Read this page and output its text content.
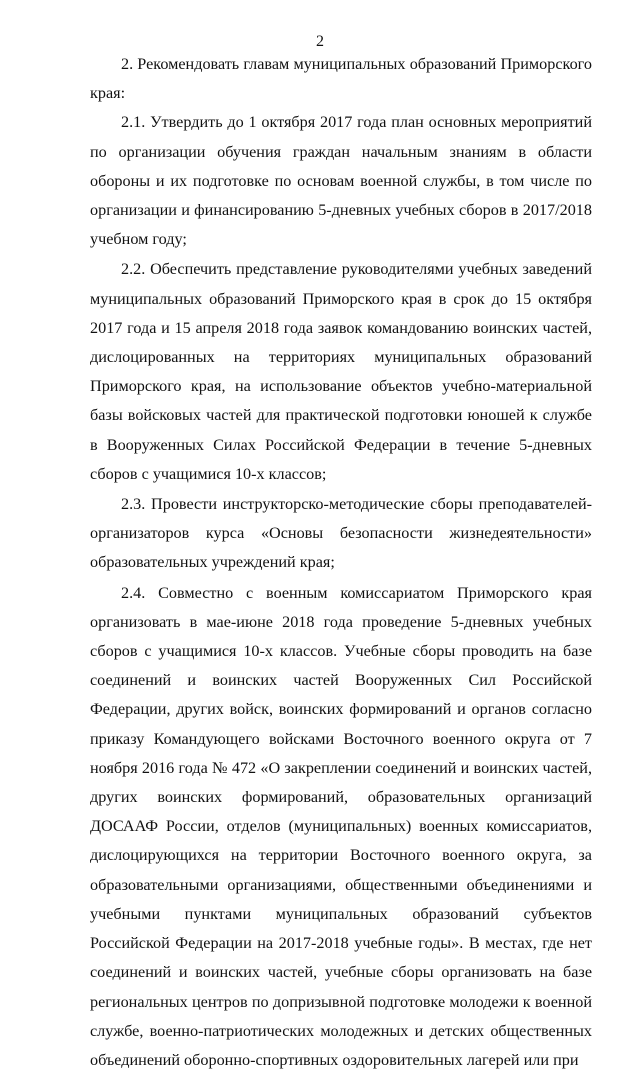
2

2. Рекомендовать главам муниципальных образований Приморского края:

2.1. Утвердить до 1 октября 2017 года план основных мероприятий по организации обучения граждан начальным знаниям в области обороны и их подготовке по основам военной службы, в том числе по организации и финансированию 5-дневных учебных сборов в 2017/2018 учебном году;

2.2. Обеспечить представление руководителями учебных заведений муниципальных образований Приморского края в срок до 15 октября 2017 года и 15 апреля 2018 года заявок командованию воинских частей, дислоцированных на территориях муниципальных образований Приморского края, на использование объектов учебно-материальной базы войсковых частей для практической подготовки юношей к службе в Вооруженных Силах Российской Федерации в течение 5-дневных сборов с учащимися 10-х классов;

2.3. Провести инструкторско-методические сборы преподавателей-организаторов курса «Основы безопасности жизнедеятельности» образовательных учреждений края;

2.4. Совместно с военным комиссариатом Приморского края организовать в мае-июне 2018 года проведение 5-дневных учебных сборов с учащимися 10-х классов. Учебные сборы проводить на базе соединений и воинских частей Вооруженных Сил Российской Федерации, других войск, воинских формирований и органов согласно приказу Командующего войсками Восточного военного округа от 7 ноября 2016 года № 472 «О закреплении соединений и воинских частей, других воинских формирований, образовательных организаций ДОСААФ России, отделов (муниципальных) военных комиссариатов, дислоцирующихся на территории Восточного военного округа, за образовательными организациями, общественными объединениями и учебными пунктами муниципальных образований субъектов Российской Федерации на 2017-2018 учебные годы». В местах, где нет соединений и воинских частей, учебные сборы организовать на базе региональных центров по допризывной подготовке молодежи к военной службе, военно-патриотических молодежных и детских общественных объединений оборонно-спортивных оздоровительных лагерей или при
